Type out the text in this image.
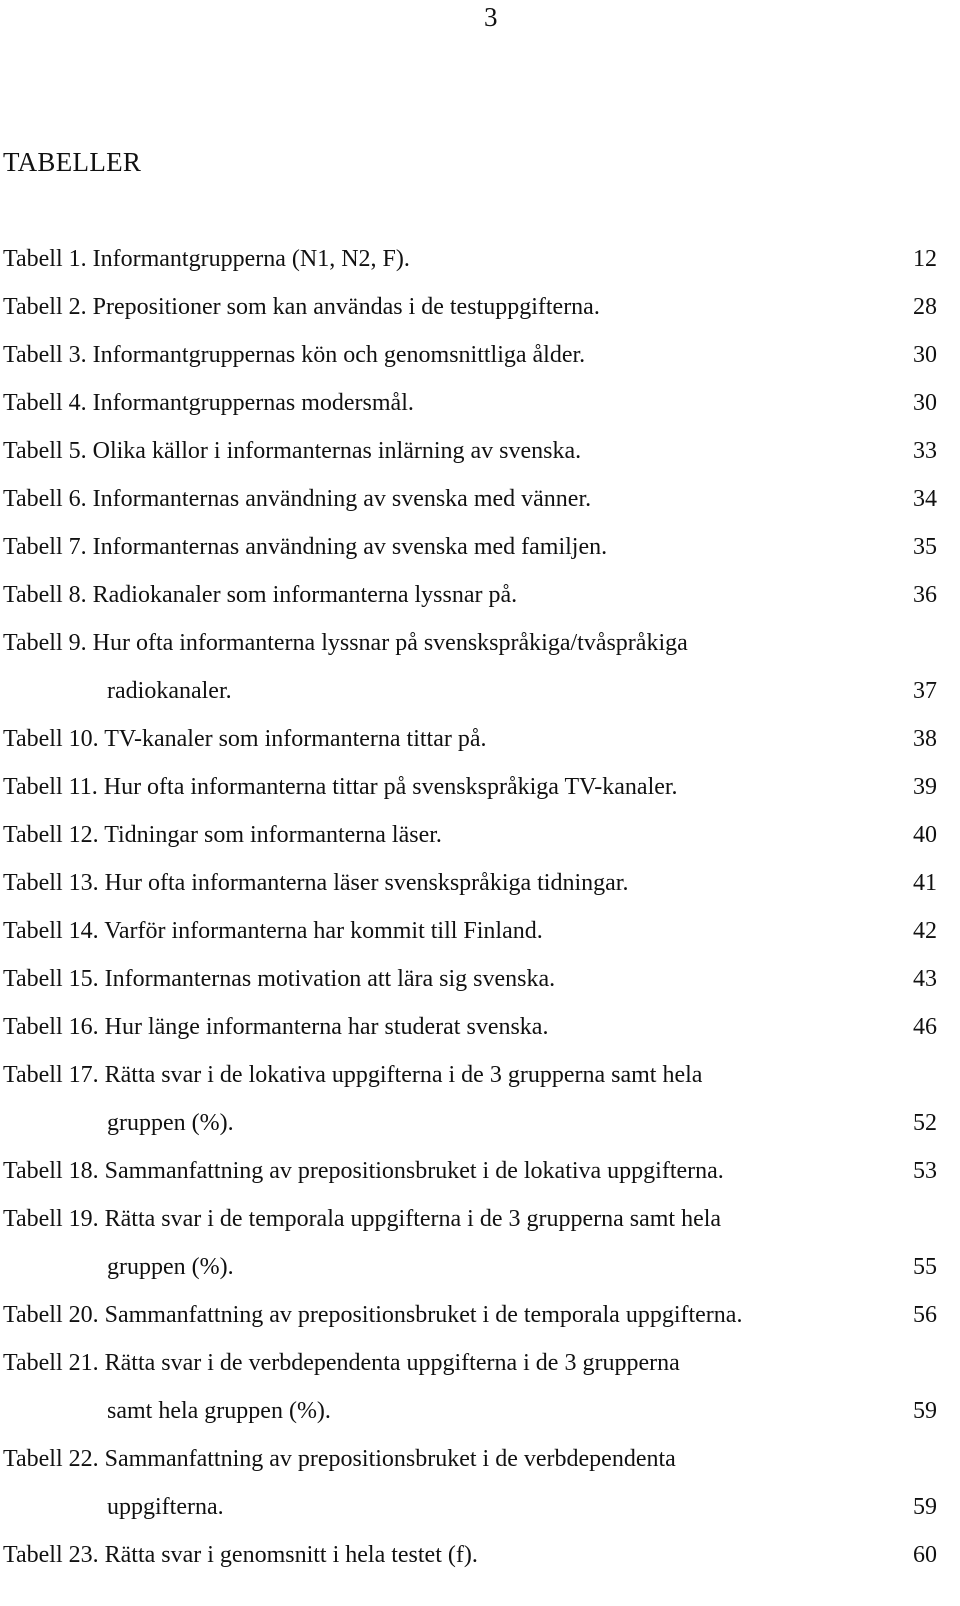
3
TABELLER
Tabell 1. Informantgrupperna (N1, N2, F).	12
Tabell 2. Prepositioner som kan användas i de testuppgifterna.	28
Tabell 3. Informantgruppernas kön och genomsnittliga ålder.	30
Tabell 4. Informantgruppernas modersmål.	30
Tabell 5. Olika källor i informanternas inlärning av svenska.	33
Tabell 6. Informanternas användning av svenska med vänner.	34
Tabell 7. Informanternas användning av svenska med familjen.	35
Tabell 8. Radiokanaler som informanterna lyssnar på.	36
Tabell 9. Hur ofta informanterna lyssnar på svenskspråkiga/tvåspråkiga
radiokanaler.	37
Tabell 10. TV-kanaler som informanterna tittar på.	38
Tabell 11. Hur ofta informanterna tittar på svenskspråkiga TV-kanaler.	39
Tabell 12. Tidningar som informanterna läser.	40
Tabell 13. Hur ofta informanterna läser svenskspråkiga tidningar.	41
Tabell 14. Varför informanterna har kommit till Finland.	42
Tabell 15. Informanternas motivation att lära sig svenska.	43
Tabell 16. Hur länge informanterna har studerat svenska.	46
Tabell 17. Rätta svar i de lokativa uppgifterna i de 3 grupperna samt hela
gruppen (%).	52
Tabell 18. Sammanfattning av prepositionsbruket i de lokativa uppgifterna.	53
Tabell 19. Rätta svar i de temporala uppgifterna i de 3 grupperna samt hela
gruppen (%).	55
Tabell 20. Sammanfattning av prepositionsbruket i de temporala uppgifterna.	56
Tabell 21. Rätta svar i de verbdependenta uppgifterna i de 3 grupperna
samt hela gruppen (%).	59
Tabell 22. Sammanfattning av prepositionsbruket i de verbdependenta
uppgifterna.	59
Tabell 23. Rätta svar i genomsnitt i hela testet (f).	60
